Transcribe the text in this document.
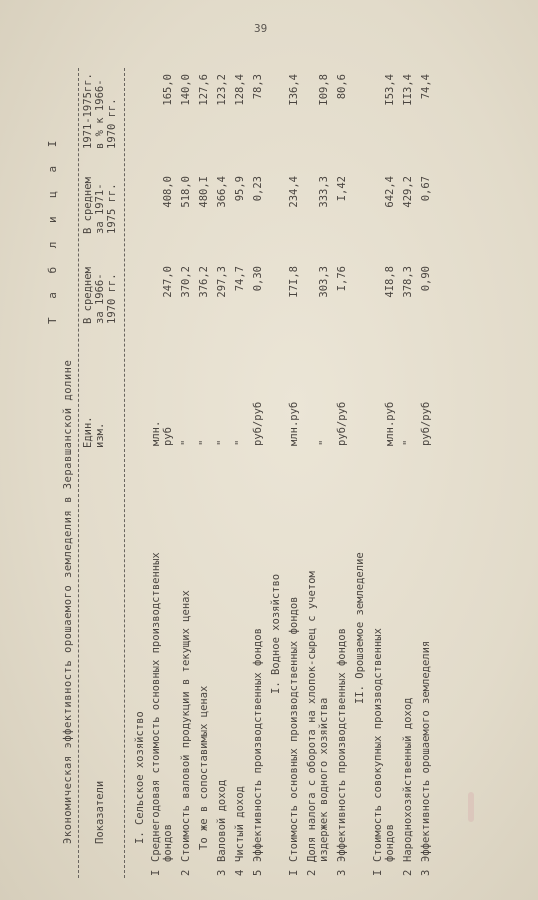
39
Т а б л и ц а I
Экономическая эффективность орошаемого земледелия в Зеравшанской долине Показатели
Един.
изм.
В среднем
за 1966-
1970 гг.
В среднем
за 1971-
1975 гг.
1971-1975гг.
в % к 1966-
1970 гг.
I. Сельское хозяйство
I
Среднегодовая стоимость основных производственных
фондов
млн.
руб
247,0
408,0
165,0
2
Стоимость валовой продукции в текущих ценах
"
370,2
518,0
140,0
То же в сопоставимых ценах
"
376,2
480,I
127,6
3
Валовой доход
"
297,3
366,4
123,2
4
Чистый доход
"
74,7
95,9
128,4
5
Эффективность производственных фондов
руб/руб
0,30
0,23
78,3
I. Водное хозяйство
I
Стоимость основных производственных фондов
млн.руб
I7I,8
234,4
I36,4
2
Доля налога с оборота на хлопок-сырец с учетом
издержек водного хозяйства
"
303,3
333,3
I09,8
3
Эффективность производственных фондов
руб/руб
I,76
I,42
80,6
II. Орошаемое земледелие
I
Стоимость совокупных производственных
фондов
млн.руб
4I8,8
642,4
I53,4
2
Народнохозяйственный доход
"
378,3
429,2
II3,4
3
Эффективность орошаемого земледелия
руб/руб
0,90
0,67
74,4
